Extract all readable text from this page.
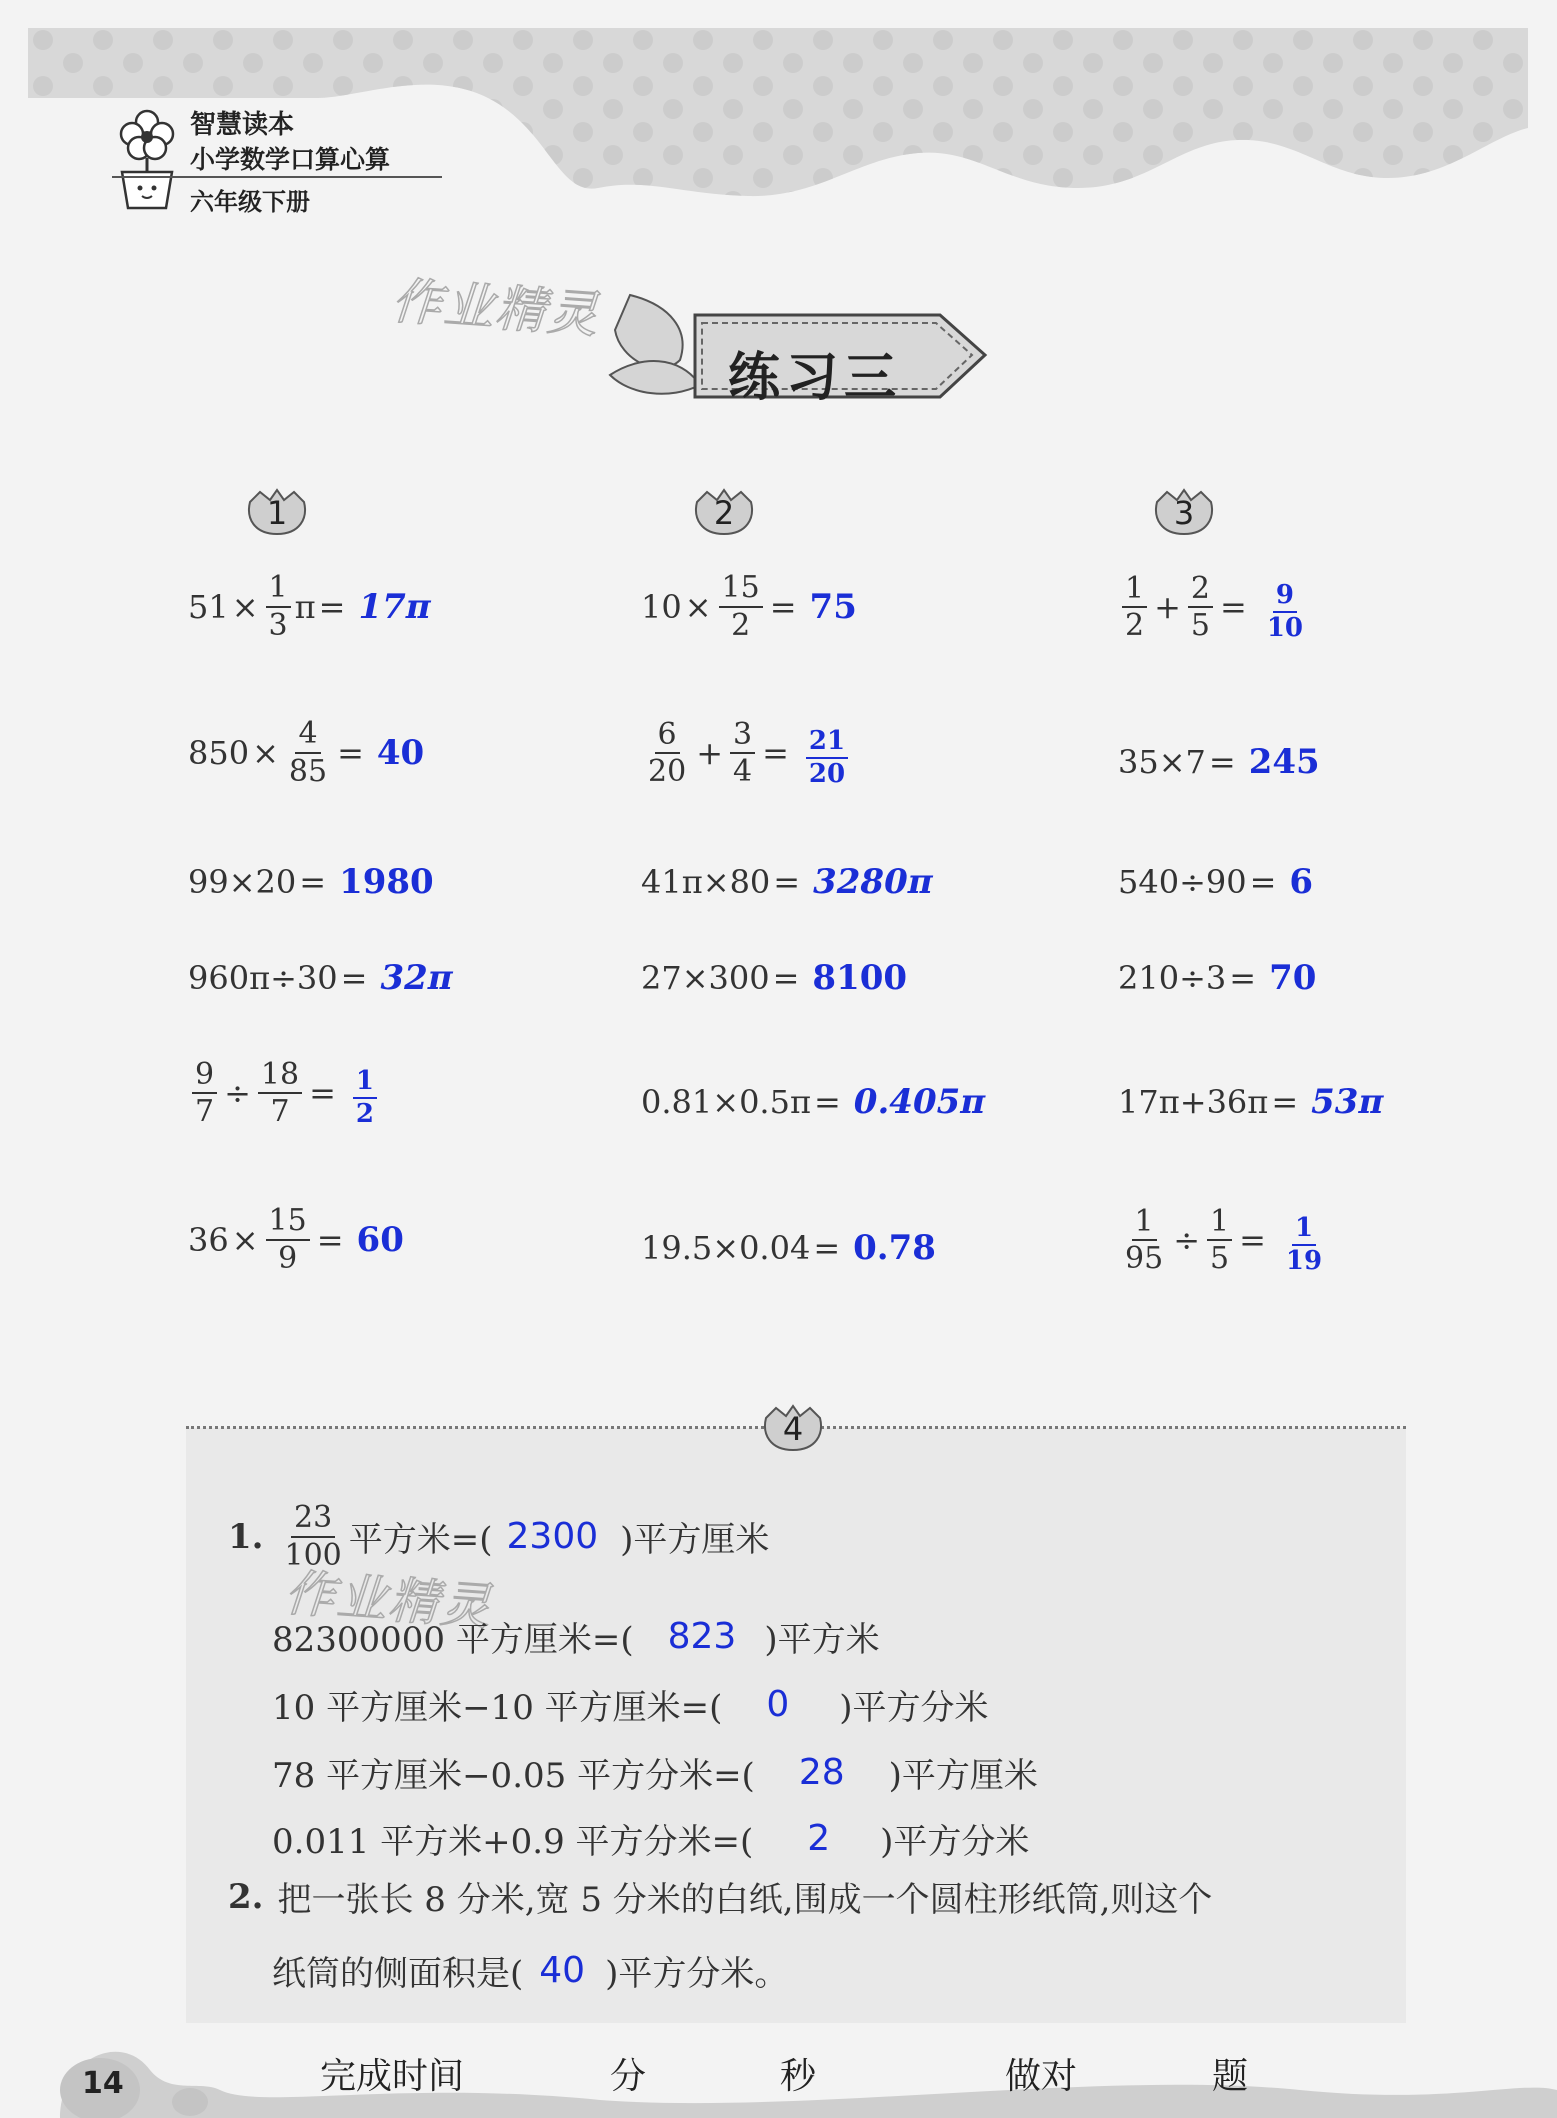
智慧读本
小学数学口算心算
六年级下册
作业精灵
练习三
1	2	3
$51 \times \frac{1}{3}$ π = 17π
$850 \times \frac{4}{85} = 40$
99×20 = 1980
960π÷30 = 32π
$\frac{9}{7} \div \frac{18}{7} = \frac{1}{2}$
$36 \times \frac{15}{9} = 60$
$10 \times \frac{15}{2} = 75$
$\frac{6}{20} + \frac{3}{4} = \frac{21}{20}$
41π×80 = 3280π
27×300 = 8100
0.81×0.5π = 0.405π
19.5×0.04 = 0.78
$\frac{1}{2} + \frac{2}{5} = \frac{9}{10}$
35×7 = 245
540÷90 = 6
210÷3 = 70
17π+36π = 53π
$\frac{1}{95} \div \frac{1}{5} = \frac{1}{19}$
4
1. $\frac{23}{100}$ 平方米=( 2300 )平方厘米
作业精灵
82300000 平方厘米=( 823 )平方米
10 平方厘米−10 平方厘米=( 0 )平方分米
78 平方厘米−0.05 平方分米=( 28 )平方厘米
0.011 平方米+0.9 平方分米=( 2 )平方分米
2. 把一张长 8 分米,宽 5 分米的白纸,围成一个圆柱形纸筒,则这个
纸筒的侧面积是( 40 )平方分米。
14	完成时间	分	秒	做对	题
